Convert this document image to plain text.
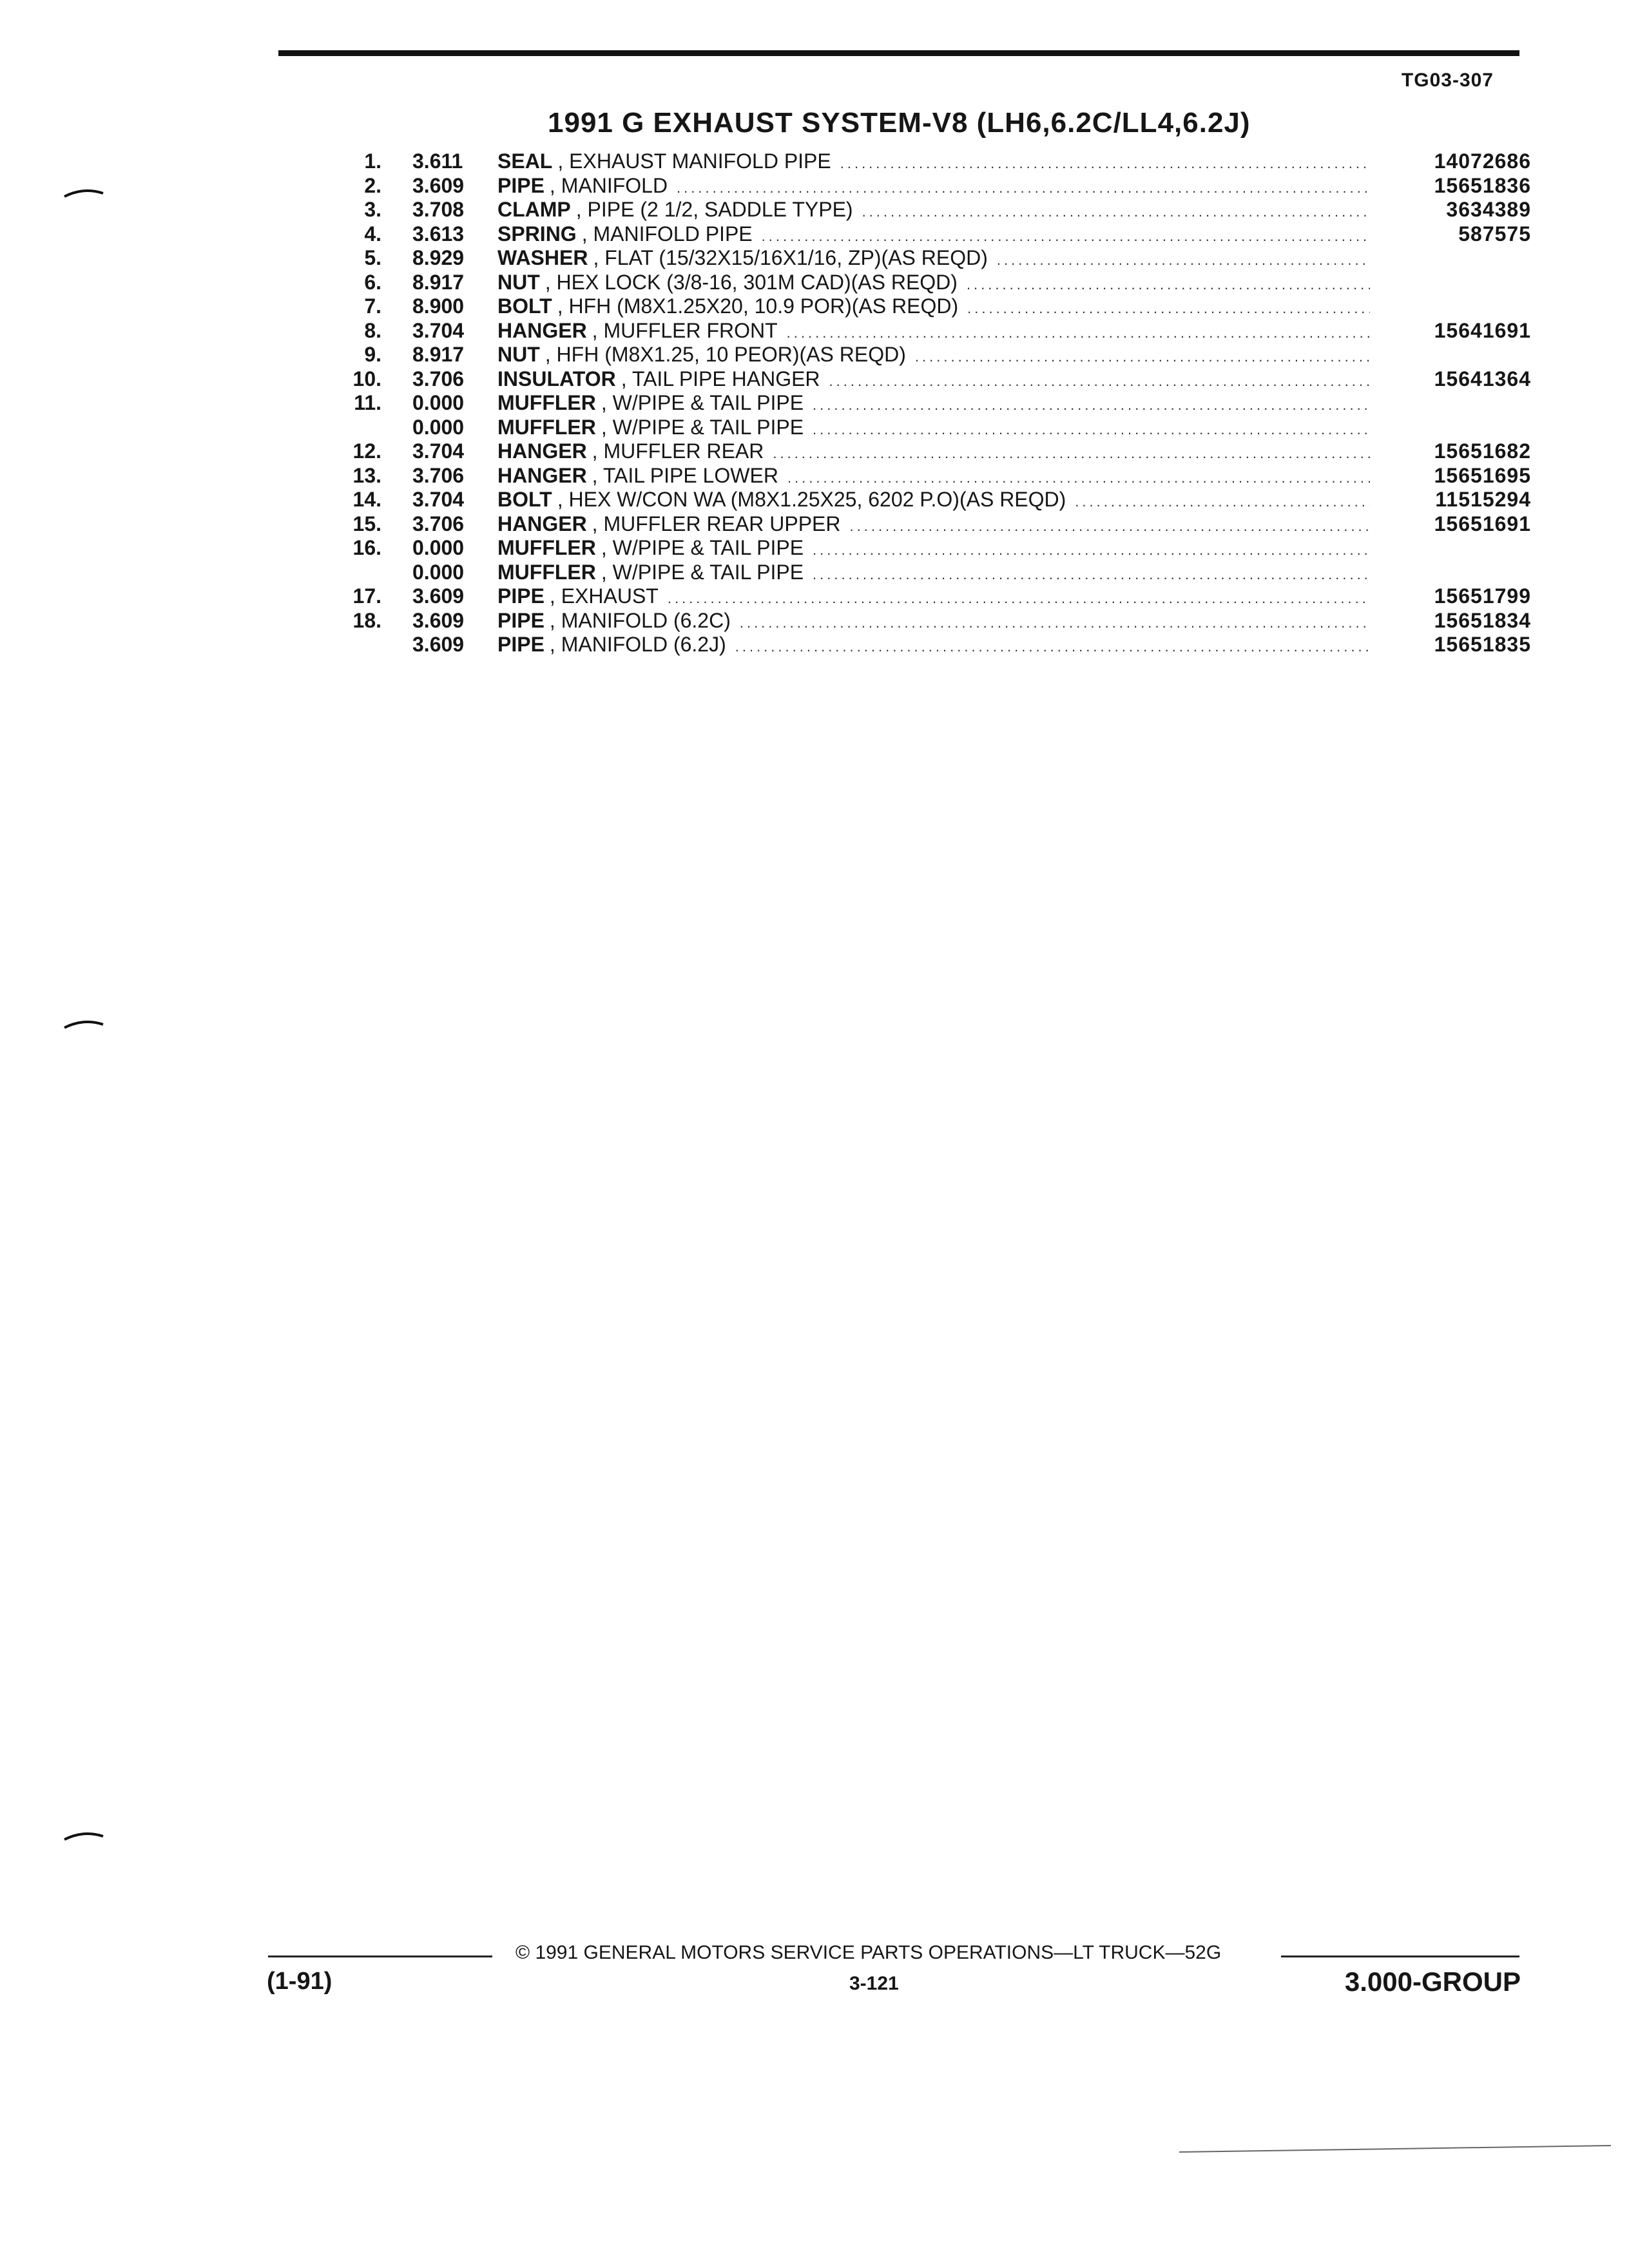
TG03-307
1991 G EXHAUST SYSTEM-V8 (LH6,6.2C/LL4,6.2J)
1. 3.611 SEAL , EXHAUST MANIFOLD PIPE .....	14072686
2. 3.609 PIPE , MANIFOLD .....	15651836
3. 3.708 CLAMP , PIPE (2 1/2, SADDLE TYPE) .....	3634389
4. 3.613 SPRING , MANIFOLD PIPE .....	587575
5. 8.929 WASHER , FLAT (15/32X15/16X1/16, ZP)(AS REQD)
.....
6. 8.917 NUT , HEX LOCK (3/8-16, 301M CAD)(AS REQD)
.....
7. 8.900 BOLT , HFH (M8X1.25X20, 10.9 POR)(AS REQD)
.....
8. 3.704 HANGER , MUFFLER FRONT .....	15641691
9. 8.917 NUT , HFH (M8X1.25, 10 PEOR)(AS REQD)
.....
10. 3.706 INSULATOR , TAIL PIPE HANGER .....	15641364
11. 0.000 MUFFLER , W/PIPE & TAIL PIPE
.....
0.000 MUFFLER , W/PIPE & TAIL PIPE
.....
12. 3.704 HANGER , MUFFLER REAR .....	15651682
13. 3.706 HANGER , TAIL PIPE LOWER .....	15651695
14. 3.704 BOLT , HEX W/CON WA (M8X1.25X25, 6202 P.O)(AS REQD) .....	11515294
15. 3.706 HANGER , MUFFLER REAR UPPER .....	15651691
16. 0.000 MUFFLER , W/PIPE & TAIL PIPE
.....
0.000 MUFFLER , W/PIPE & TAIL PIPE
.....
17. 3.609 PIPE , EXHAUST .....	15651799
18. 3.609 PIPE , MANIFOLD (6.2C) .....	15651834
3.609 PIPE , MANIFOLD (6.2J) .....	15651835
© 1991 GENERAL MOTORS SERVICE PARTS OPERATIONS—LT TRUCK—52G
(1-91)	3-121	3.000-GROUP
